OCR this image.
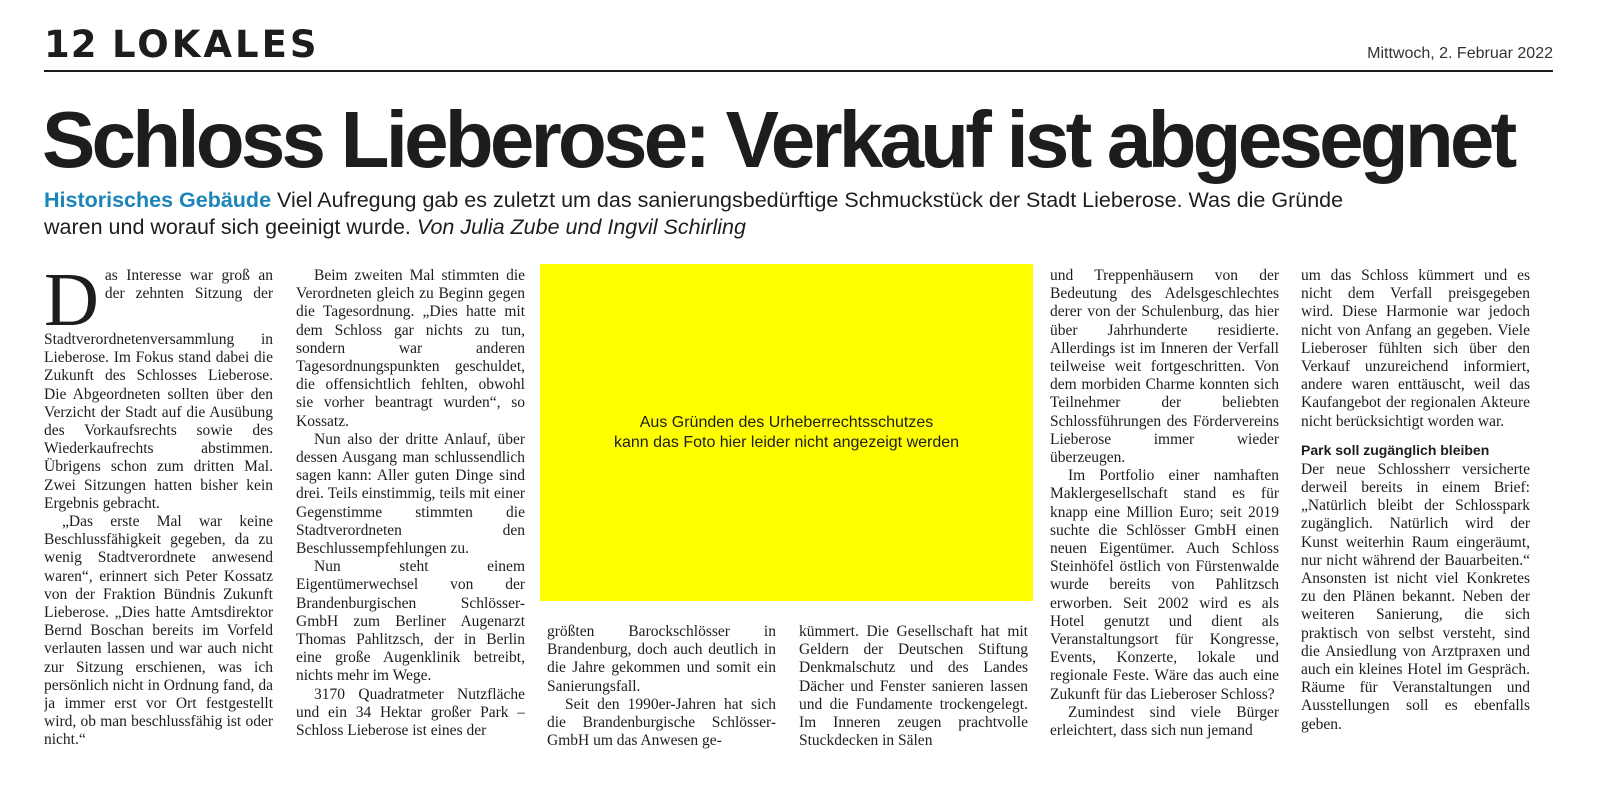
12 LOKALES	Mittwoch, 2. Februar 2022
Schloss Lieberose: Verkauf ist abgesegnet
Historisches Gebäude Viel Aufregung gab es zuletzt um das sanierungsbedürftige Schmuckstück der Stadt Lieberose. Was die Gründe waren und worauf sich geeinigt wurde. Von Julia Zube und Ingvil Schirling

Das Interesse war groß an der zehnten Sitzung der Stadtverordnetenversammlung in Lieberose. Im Fokus stand dabei die Zukunft des Schlosses Lieberose. Die Abgeordneten sollten über den Verzicht der Stadt auf die Ausübung des Vorkaufsrechts sowie des Wiederkaufrechts abstimmen. Übrigens schon zum dritten Mal. Zwei Sitzungen hatten bisher kein Ergebnis gebracht.

„Das erste Mal war keine Beschlussfähigkeit gegeben, da zu wenig Stadtverordnete anwesend waren“, erinnert sich Peter Kossatz von der Fraktion Bündnis Zukunft Lieberose. „Dies hatte Amtsdirektor Bernd Boschan bereits im Vorfeld verlauten lassen und war auch nicht zur Sitzung erschienen, was ich persönlich nicht in Ordnung fand, da ja immer erst vor Ort festgestellt wird, ob man beschlussfähig ist oder nicht.“

Beim zweiten Mal stimmten die Verordneten gleich zu Beginn gegen die Tagesordnung. „Dies hatte mit dem Schloss gar nichts zu tun, sondern war anderen Tagesordnungspunkten geschuldet, die offensichtlich fehlten, obwohl sie vorher beantragt wurden“, so Kossatz.

Nun also der dritte Anlauf, über dessen Ausgang man schlussendlich sagen kann: Aller guten Dinge sind drei. Teils einstimmig, teils mit einer Gegenstimme stimmten die Stadtverordneten den Beschlussempfehlungen zu.

Nun steht einem Eigentümerwechsel von der Brandenburgischen Schlösser-GmbH zum Berliner Augenarzt Thomas Pahlitzsch, der in Berlin eine große Augenklinik betreibt, nichts mehr im Wege.

3170 Quadratmeter Nutzfläche und ein 34 Hektar großer Park – Schloss Lieberose ist eines der

Aus Gründen des Urheberrechtsschutzes
kann das Foto hier leider nicht angezeigt werden

größten Barockschlösser in Brandenburg, doch auch deutlich in die Jahre gekommen und somit ein Sanierungsfall.

Seit den 1990er-Jahren hat sich die Brandenburgische Schlösser-GmbH um das Anwesen ge-

kümmert. Die Gesellschaft hat mit Geldern der Deutschen Stiftung Denkmalschutz und des Landes Dächer und Fenster sanieren lassen und die Fundamente trockengelegt. Im Inneren zeugen prachtvolle Stuckdecken in Sälen

und Treppenhäusern von der Bedeutung des Adelsgeschlechtes derer von der Schulenburg, das hier über Jahrhunderte residierte. Allerdings ist im Inneren der Verfall teilweise weit fortgeschritten. Von dem morbiden Charme konnten sich Teilnehmer der beliebten Schlossführungen des Fördervereins Lieberose immer wieder überzeugen.

Im Portfolio einer namhaften Maklergesellschaft stand es für knapp eine Million Euro; seit 2019 suchte die Schlösser GmbH einen neuen Eigentümer. Auch Schloss Steinhöfel östlich von Fürstenwalde wurde bereits von Pahlitzsch erworben. Seit 2002 wird es als Hotel genutzt und dient als Veranstaltungsort für Kongresse, Events, Konzerte, lokale und regionale Feste. Wäre das auch eine Zukunft für das Lieberoser Schloss?

Zumindest sind viele Bürger erleichtert, dass sich nun jemand

um das Schloss kümmert und es nicht dem Verfall preisgegeben wird. Diese Harmonie war jedoch nicht von Anfang an gegeben. Viele Lieberoser fühlten sich über den Verkauf unzureichend informiert, andere waren enttäuscht, weil das Kaufangebot der regionalen Akteure nicht berücksichtigt worden war.

Park soll zugänglich bleiben

Der neue Schlossherr versicherte derweil bereits in einem Brief: „Natürlich bleibt der Schlosspark zugänglich. Natürlich wird der Kunst weiterhin Raum eingeräumt, nur nicht während der Bauarbeiten.“ Ansonsten ist nicht viel Konkretes zu den Plänen bekannt. Neben der weiteren Sanierung, die sich praktisch von selbst versteht, sind die Ansiedlung von Arztpraxen und auch ein kleines Hotel im Gespräch. Räume für Veranstaltungen und Ausstellungen soll es ebenfalls geben.
